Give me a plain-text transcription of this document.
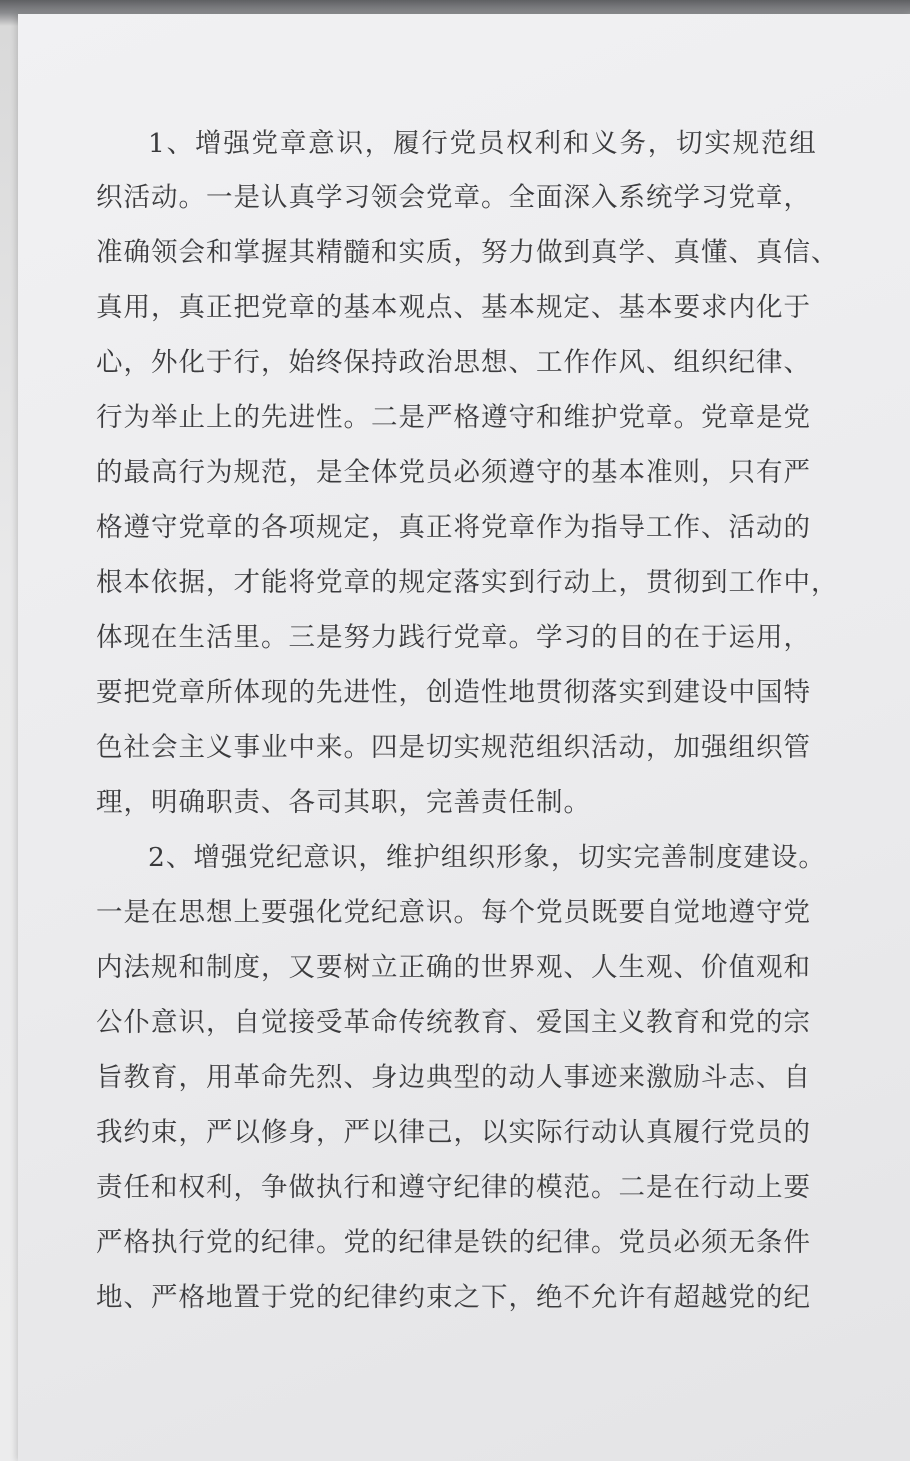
1、增强党章意识，履行党员权利和义务，切实规范组
织活动。一是认真学习领会党章。全面深入系统学习党章，
准确领会和掌握其精髓和实质，努力做到真学、真懂、真信、
真用，真正把党章的基本观点、基本规定、基本要求内化于
心，外化于行，始终保持政治思想、工作作风、组织纪律、
行为举止上的先进性。二是严格遵守和维护党章。党章是党
的最高行为规范，是全体党员必须遵守的基本准则，只有严
格遵守党章的各项规定，真正将党章作为指导工作、活动的
根本依据，才能将党章的规定落实到行动上，贯彻到工作中，
体现在生活里。三是努力践行党章。学习的目的在于运用，
要把党章所体现的先进性，创造性地贯彻落实到建设中国特
色社会主义事业中来。四是切实规范组织活动，加强组织管
理，明确职责、各司其职，完善责任制。
2、增强党纪意识，维护组织形象，切实完善制度建设。
一是在思想上要强化党纪意识。每个党员既要自觉地遵守党
内法规和制度，又要树立正确的世界观、人生观、价值观和
公仆意识，自觉接受革命传统教育、爱国主义教育和党的宗
旨教育，用革命先烈、身边典型的动人事迹来激励斗志、自
我约束，严以修身，严以律己，以实际行动认真履行党员的
责任和权利，争做执行和遵守纪律的模范。二是在行动上要
严格执行党的纪律。党的纪律是铁的纪律。党员必须无条件
地、严格地置于党的纪律约束之下，绝不允许有超越党的纪
